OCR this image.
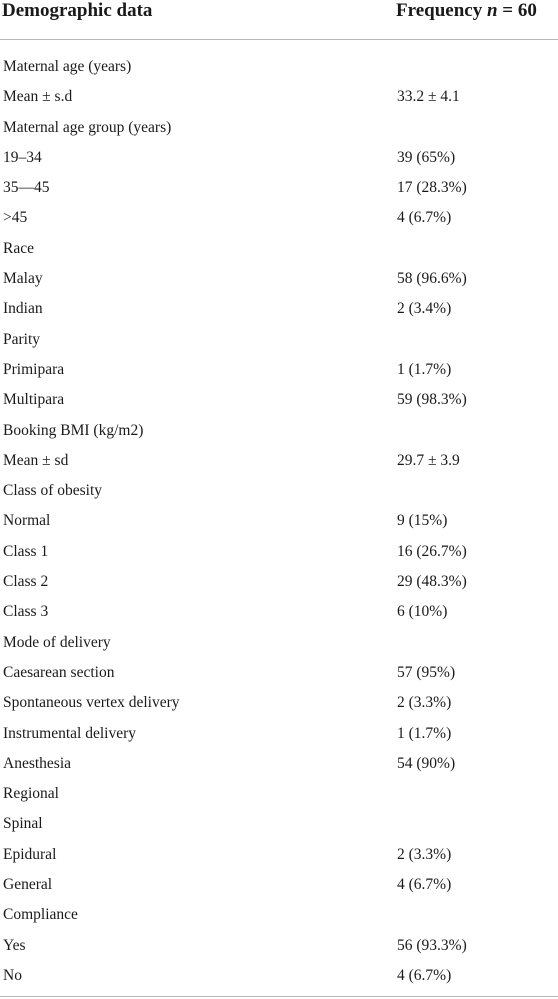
Demographic data	Frequency n = 60
Maternal age (years)
Mean ± s.d	33.2 ± 4.1
Maternal age group (years)
19–34	39 (65%)
35—45	17 (28.3%)
>45	4 (6.7%)
Race
Malay	58 (96.6%)
Indian	2 (3.4%)
Parity
Primipara	1 (1.7%)
Multipara	59 (98.3%)
Booking BMI (kg/m2)
Mean ± sd	29.7 ± 3.9
Class of obesity
Normal	9 (15%)
Class 1	16 (26.7%)
Class 2	29 (48.3%)
Class 3	6 (10%)
Mode of delivery
Caesarean section	57 (95%)
Spontaneous vertex delivery	2 (3.3%)
Instrumental delivery	1 (1.7%)
Anesthesia	54 (90%)
Regional
Spinal
Epidural	2 (3.3%)
General	4 (6.7%)
Compliance
Yes	56 (93.3%)
No	4 (6.7%)
